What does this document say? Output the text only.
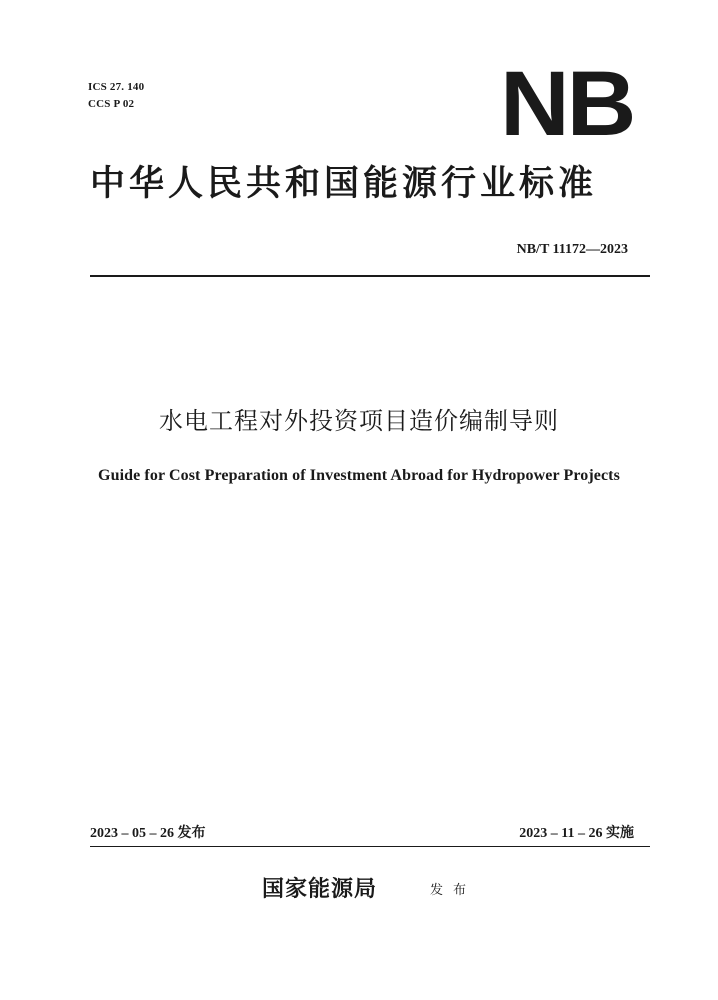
ICS 27. 140
CCS P 02	NB
中华人民共和国能源行业标准
NB/T 11172—2023
水电工程对外投资项目造价编制导则
Guide for Cost Preparation of Investment Abroad for Hydropower Projects
2023 – 05 – 26 发布	2023 – 11 – 26 实施
国家能源局	发布
